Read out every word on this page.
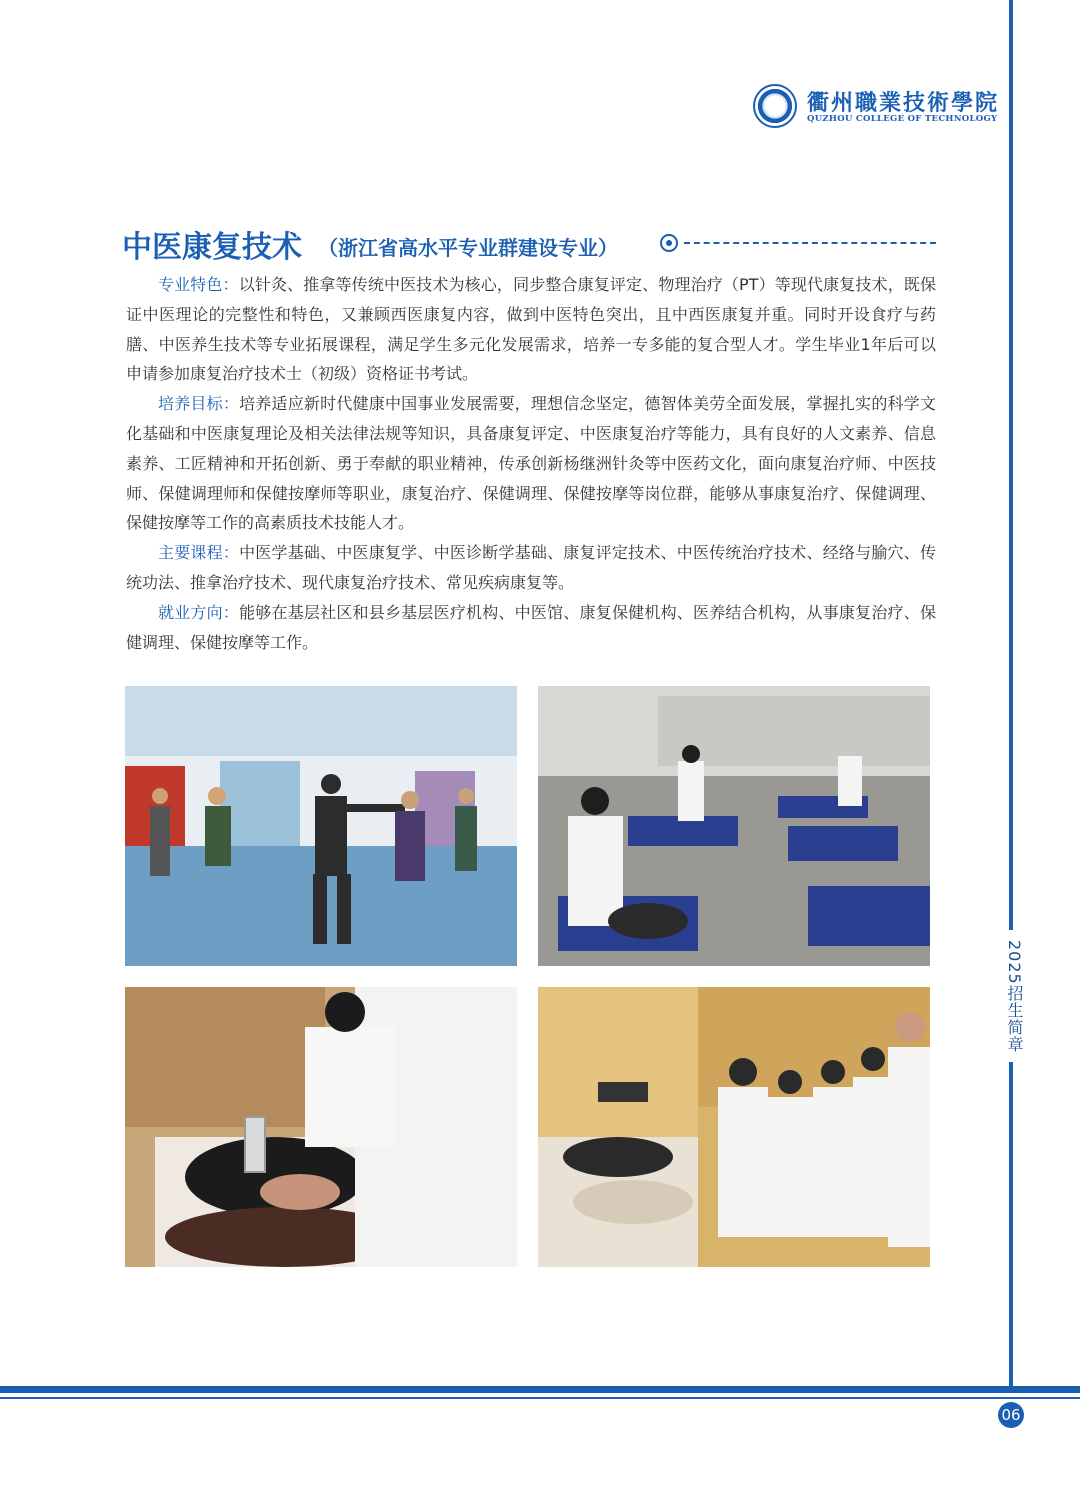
2025招生简章
06
衢州職業技術學院
QUZHOU COLLEGE OF TECHNOLOGY
中医康复技术 （浙江省高水平专业群建设专业）

专业特色：以针灸、推拿等传统中医技术为核心，同步整合康复评定、物理治疗（PT）等现代康复技术，既保证中医理论的完整性和特色，又兼顾西医康复内容，做到中医特色突出，且中西医康复并重。同时开设食疗与药膳、中医养生技术等专业拓展课程，满足学生多元化发展需求，培养一专多能的复合型人才。学生毕业1年后可以申请参加康复治疗技术士（初级）资格证书考试。

培养目标：培养适应新时代健康中国事业发展需要，理想信念坚定，德智体美劳全面发展，掌握扎实的科学文化基础和中医康复理论及相关法律法规等知识，具备康复评定、中医康复治疗等能力，具有良好的人文素养、信息素养、工匠精神和开拓创新、勇于奉献的职业精神，传承创新杨继洲针灸等中医药文化，面向康复治疗师、中医技师、保健调理师和保健按摩师等职业，康复治疗、保健调理、保健按摩等岗位群，能够从事康复治疗、保健调理、保健按摩等工作的高素质技术技能人才。

主要课程：中医学基础、中医康复学、中医诊断学基础、康复评定技术、中医传统治疗技术、经络与腧穴、传统功法、推拿治疗技术、现代康复治疗技术、常见疾病康复等。

就业方向：能够在基层社区和县乡基层医疗机构、中医馆、康复保健机构、医养结合机构，从事康复治疗、保健调理、保健按摩等工作。
